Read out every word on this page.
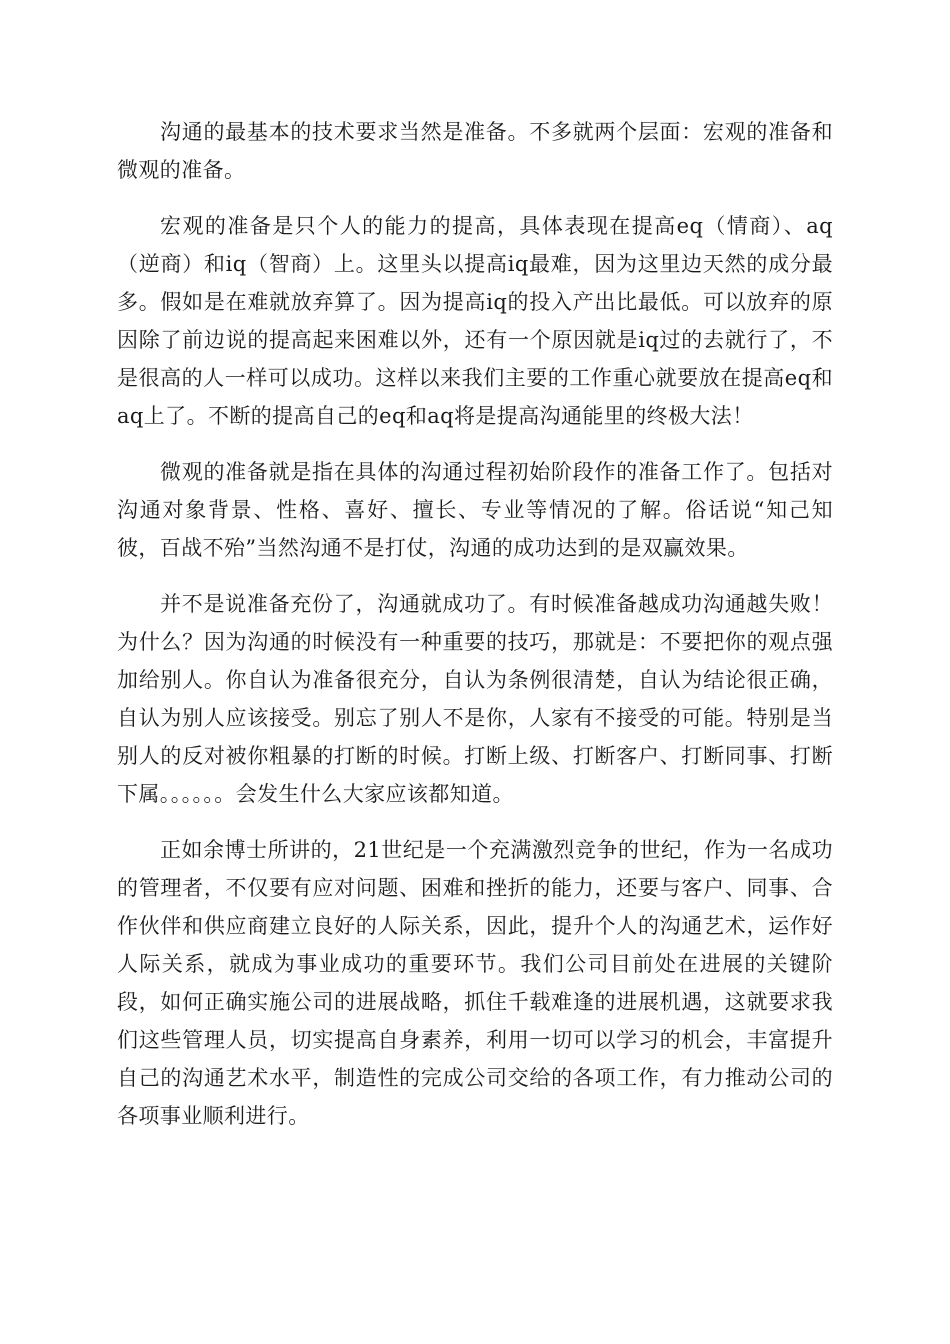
沟通的最基本的技术要求当然是准备。不多就两个层面：宏观的准备和微观的准备。

宏观的准备是只个人的能力的提高，具体表现在提高eq（情商）、aq（逆商）和iq（智商）上。这里头以提高iq最难，因为这里边天然的成分最多。假如是在难就放弃算了。因为提高iq的投入产出比最低。可以放弃的原因除了前边说的提高起来困难以外，还有一个原因就是iq过的去就行了，不是很高的人一样可以成功。这样以来我们主要的工作重心就要放在提高eq和aq上了。不断的提高自己的eq和aq将是提高沟通能里的终极大法！

微观的准备就是指在具体的沟通过程初始阶段作的准备工作了。包括对沟通对象背景、性格、喜好、擅长、专业等情况的了解。俗话说“知己知彼，百战不殆”当然沟通不是打仗，沟通的成功达到的是双赢效果。

并不是说准备充份了，沟通就成功了。有时候准备越成功沟通越失败！为什么？因为沟通的时候没有一种重要的技巧，那就是：不要把你的观点强加给别人。你自认为准备很充分，自认为条例很清楚，自认为结论很正确，自认为别人应该接受。别忘了别人不是你，人家有不接受的可能。特别是当别人的反对被你粗暴的打断的时候。打断上级、打断客户、打断同事、打断下属。。。。。。会发生什么大家应该都知道。

正如余博士所讲的，21世纪是一个充满激烈竞争的世纪，作为一名成功的管理者，不仅要有应对问题、困难和挫折的能力，还要与客户、同事、合作伙伴和供应商建立良好的人际关系，因此，提升个人的沟通艺术，运作好人际关系，就成为事业成功的重要环节。我们公司目前处在进展的关键阶段，如何正确实施公司的进展战略，抓住千载难逢的进展机遇，这就要求我们这些管理人员，切实提高自身素养，利用一切可以学习的机会，丰富提升自己的沟通艺术水平，制造性的完成公司交给的各项工作，有力推动公司的各项事业顺利进行。
